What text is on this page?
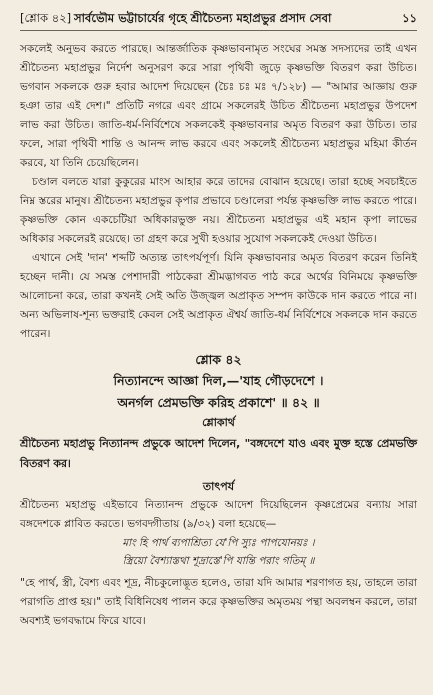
[শ্লোক ৪২] সার্বভৌম ভট্টাচার্যের গৃহে শ্রীচৈতন্য মহাপ্রভুর প্রসাদ সেবা	১১

সকলেই অনুভব করতে পারছে। আন্তর্জাতিক কৃষ্ণভাবনামৃত সংঘের সমস্ত সদস্যদের তাই এখন শ্রীচৈতন্য মহাপ্রভুর নির্দেশ অনুসরণ করে সারা পৃথিবী জুড়ে কৃষ্ণভক্তি বিতরণ করা উচিত। ভগবান সকলকে গুরু হবার আদেশ দিয়েছেন (চৈঃ চঃ মঃ ৭/১২৮) — "আমার আজ্ঞায় গুরু হঞা তার এই দেশ।" প্রতিটি নগরে এবং গ্রামে সকলেরই উচিত শ্রীচৈতন্য মহাপ্রভুর উপদেশ লাভ করা উচিত। জাতি-ধর্ম-নির্বিশেষে সকলকেই কৃষ্ণভাবনার অমৃত বিতরণ করা উচিত। তার ফলে, সারা পৃথিবী শান্তি ও আনন্দ লাভ করবে এবং সকলেই শ্রীচৈতন্য মহাপ্রভুর মহিমা কীর্তন করবে, যা তিনি চেয়েছিলেন।

চণ্ডাল বলতে যারা কুকুরের মাংস আহার করে তাদের বোঝান হয়েছে। তারা হচ্ছে সবচাইতে নিম্ন স্তরের মানুষ। শ্রীচৈতন্য মহাপ্রভুর কৃপার প্রভাবে চণ্ডালেরা পর্যন্ত কৃষ্ণভক্তি লাভ করতে পারে। কৃষ্ণভক্তি কোন একচেটিয়া অধিকারভুক্ত নয়। শ্রীচৈতন্য মহাপ্রভুর এই মহান কৃপা লাভের অধিকার সকলেরই রয়েছে। তা গ্রহণ করে সুখী হওয়ার সুযোগ সকলকেই দেওয়া উচিত।

এখানে সেই 'দান' শব্দটি অত্যন্ত তাৎপর্যপূর্ণ। যিনি কৃষ্ণভাবনার অমৃত বিতরণ করেন তিনিই হচ্ছেন দানী। যে সমস্ত পেশাদারী পাঠকেরা শ্রীমদ্ভাগবত পাঠ করে অর্থের বিনিময়ে কৃষ্ণভক্তি আলোচনা করে, তারা কখনই সেই অতি উজ্জ্বল অপ্রাকৃত সম্পদ কাউকে দান করতে পারে না। অন্য অভিলাষ-শূন্য ভক্তরাই কেবল সেই অপ্রাকৃত ঐশ্বর্য জাতি-ধর্ম নির্বিশেষে সকলকে দান করতে পারেন।

শ্লোক ৪২
নিত্যানন্দে আজ্ঞা দিল,—'যাহ গৌড়দেশে ।
অনর্গল প্রেমভক্তি করিহ প্রকাশে' ॥ ৪২ ॥
শ্লোকার্থ

শ্রীচৈতন্য মহাপ্রভু নিত্যানন্দ প্রভুকে আদেশ দিলেন, "বঙ্গদেশে যাও এবং মুক্ত হস্তে প্রেমভক্তি বিতরণ কর।

তাৎপর্য

শ্রীচৈতন্য মহাপ্রভু এইভাবে নিত্যানন্দ প্রভুকে আদেশ দিয়েছিলেন কৃষ্ণপ্রেমের বন্যায় সারা বঙ্গদেশকে প্লাবিত করতে। ভগবদ্গীতায় (৯/৩২) বলা হয়েছে—

মাং হি পার্থ ব্যপাশ্রিত্য যে'পি স্যুঃ পাপযোনয়ঃ ।
স্ত্রিয়ো বৈশ্যাস্তথা শূদ্রাস্তে'পি যান্তি পরাং গতিম্ ॥

"হে পার্থ, স্ত্রী, বৈশ্য এবং শূদ্র, নীচকুলোদ্ভূত হলেও, তারা যদি আমার শরণাগত হয়, তাহলে তারা পরাগতি প্রাপ্ত হয়।" তাই বিধিনিষেধ পালন করে কৃষ্ণভক্তির অমৃতময় পন্থা অবলম্বন করলে, তারা অবশ্যই ভগবদ্ধামে ফিরে যাবে।
